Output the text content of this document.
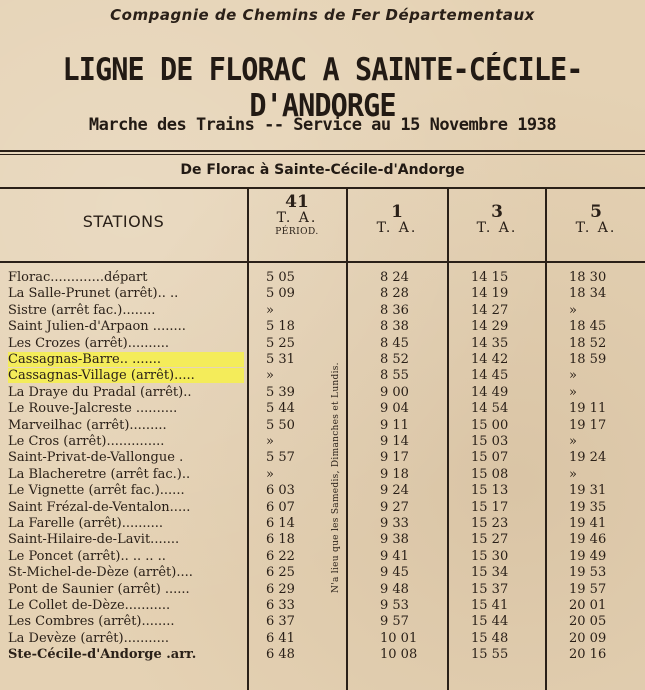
Compagnie de Chemins de Fer Départementaux
LIGNE DE FLORAC A SAINTE-CÉCILE-D'ANDORGE
Marche des Trains -- Service au 15 Novembre 1938
De Florac à Sainte-Cécile-d'Andorge
STATIONS
41
T. A.
PÉRIOD.
1
T. A.
3
T. A.
5
T. A.
N'a lieu que les Samedis, Dimanches et Lundis.
Florac.............départ	5 05	8 24	14 15	18 30
La Salle-Prunet (arrêt).. ..	5 09	8 28	14 19	18 34
Sistre (arrêt fac.)........	»	8 36	14 27	»
Saint Julien-d'Arpaon ........	5 18	8 38	14 29	18 45
Les Crozes (arrêt)..........	5 25	8 45	14 35	18 52
Cassagnas-Barre.. .......	5 31	8 52	14 42	18 59
Cassagnas-Village (arrêt).....	»	8 55	14 45	»
La Draye du Pradal (arrêt)..	5 39	9 00	14 49	»
Le Rouve-Jalcreste ..........	5 44	9 04	14 54	19 11
Marveilhac (arrêt).........	5 50	9 11	15 00	19 17
Le Cros (arrêt)..............	»	9 14	15 03	»
Saint-Privat-de-Vallongue .	5 57	9 17	15 07	19 24
La Blacheretre (arrêt fac.)..	»	9 18	15 08	»
Le Vignette (arrêt fac.)......	6 03	9 24	15 13	19 31
Saint Frézal-de-Ventalon.....	6 07	9 27	15 17	19 35
La Farelle (arrêt)..........	6 14	9 33	15 23	19 41
Saint-Hilaire-de-Lavit.......	6 18	9 38	15 27	19 46
Le Poncet (arrêt).. .. .. ..	6 22	9 41	15 30	19 49
St-Michel-de-Dèze (arrêt)....	6 25	9 45	15 34	19 53
Pont de Saunier (arrêt) ......	6 29	9 48	15 37	19 57
Le Collet de-Dèze...........	6 33	9 53	15 41	20 01
Les Combres (arrêt)........	6 37	9 57	15 44	20 05
La Devèze (arrêt)...........	6 41	10 01	15 48	20 09
Ste-Cécile-d'Andorge .arr.	6 48	10 08	15 55	20 16
